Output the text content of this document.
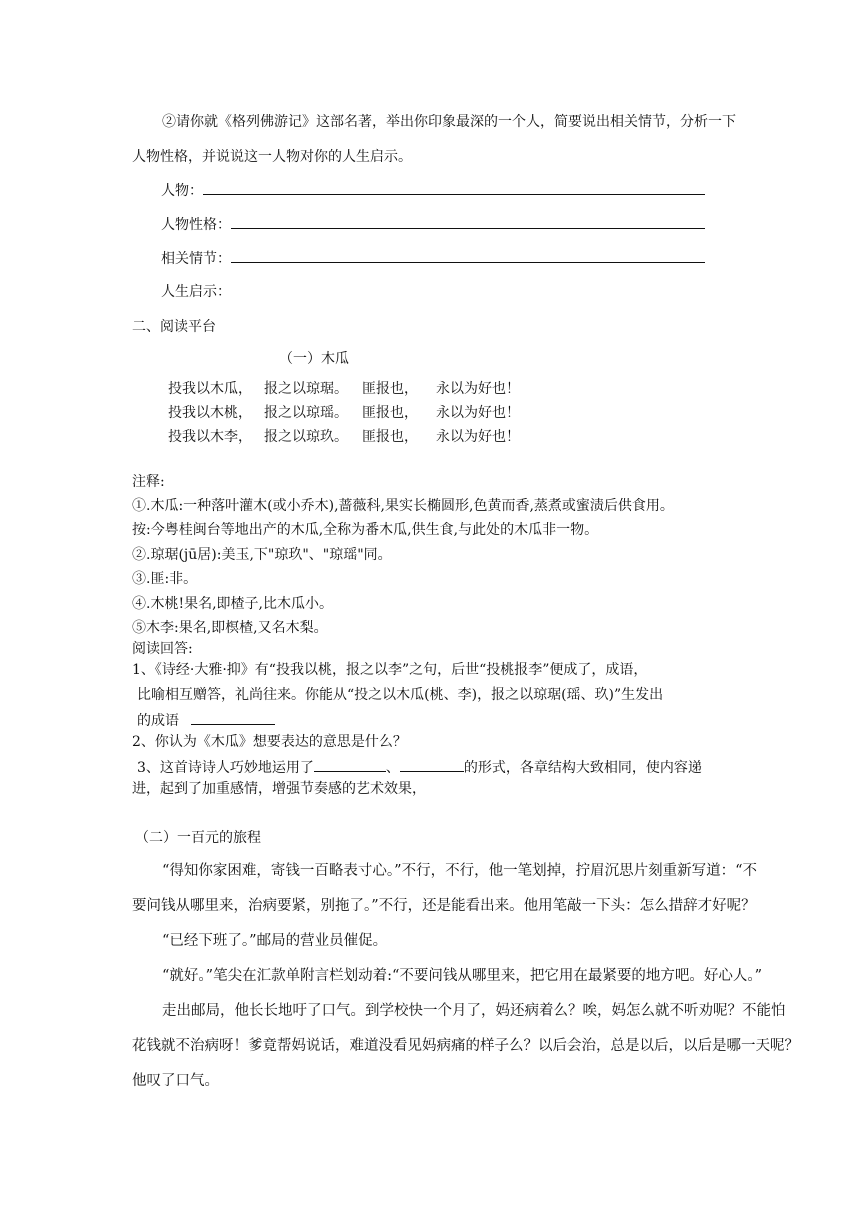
②请你就《格列佛游记》这部名著，举出你印象最深的一个人，简要说出相关情节，分析一下
人物性格，并说说这一人物对你的人生启示。
人物：
人物性格：
相关情节：
人生启示：
二、阅读平台
（一）木瓜
投我以木瓜， 报之以琼琚。 匪报也， 永以为好也！
投我以木桃， 报之以琼瑶。 匪报也， 永以为好也！
投我以木李， 报之以琼玖。 匪报也， 永以为好也！
注释:
①.木瓜:一种落叶灌木(或小乔木),蔷薇科,果实长椭圆形,色黄而香,蒸煮或蜜渍后供食用。
按:今粤桂闽台等地出产的木瓜,全称为番木瓜,供生食,与此处的木瓜非一物。
②.琼琚(jū居):美玉,下"琼玖"、"琼瑶"同。
③.匪:非。
④.木桃!果名,即楂子,比木瓜小。
⑤木李:果名,即榠楂,又名木梨。
阅读回答:
1、《诗经·大雅·抑》有“投我以桃，报之以李”之句，后世“投桃报李”便成了，成语，
比喻相互赠答，礼尚往来。你能从“投之以木瓜(桃、李)，报之以琼琚(瑶、玖)”生发出
的成语
2、你认为《木瓜》想要表达的意思是什么？
3、这首诗诗人巧妙地运用了	、	的形式，各章结构大致相同，使内容递
进，起到了加重感情，增强节奏感的艺术效果，
（二）一百元的旅程
“得知你家困难，寄钱一百略表寸心。”不行，不行，他一笔划掉，拧眉沉思片刻重新写道：“不
要问钱从哪里来，治病要紧，别拖了。”不行，还是能看出来。他用笔敲一下头：怎么措辞才好呢？
“已经下班了。”邮局的营业员催促。
“就好。”笔尖在汇款单附言栏划动着:“不要问钱从哪里来，把它用在最紧要的地方吧。好心人。”
走出邮局，他长长地吁了口气。到学校快一个月了，妈还病着么？唉，妈怎么就不听劝呢？不能怕
花钱就不治病呀！爹竟帮妈说话，难道没看见妈病痛的样子么？以后会治，总是以后，以后是哪一天呢？
他叹了口气。
